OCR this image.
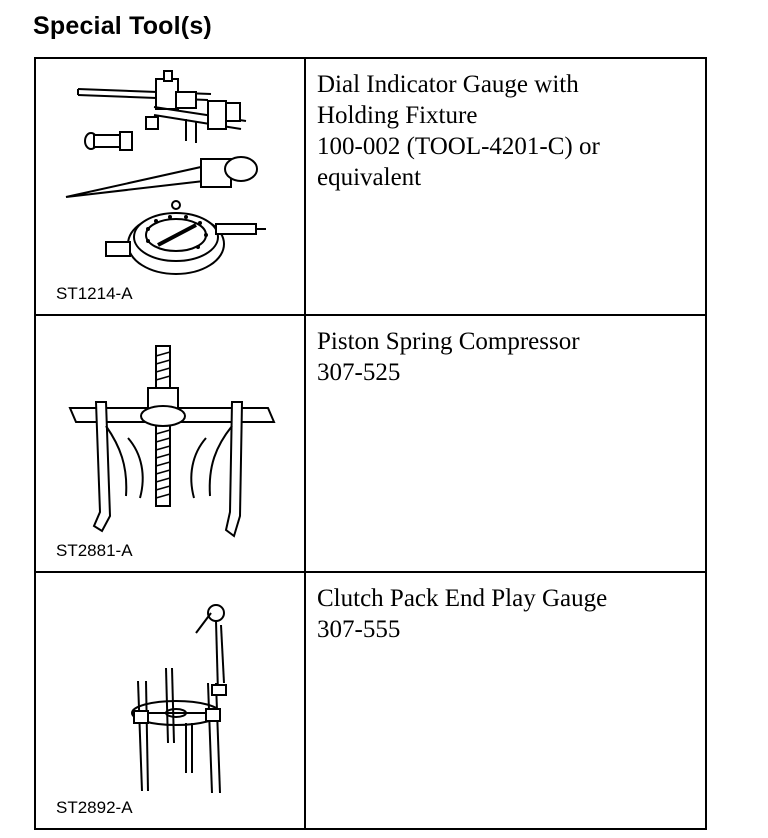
Special Tool(s)
ST1214-A	Dial Indicator Gauge with
Holding Fixture
100-002 (TOOL-4201-C) or
equivalent

ST2881-A	Piston Spring Compressor
307-525

ST2892-A	Clutch Pack End Play Gauge
307-555
